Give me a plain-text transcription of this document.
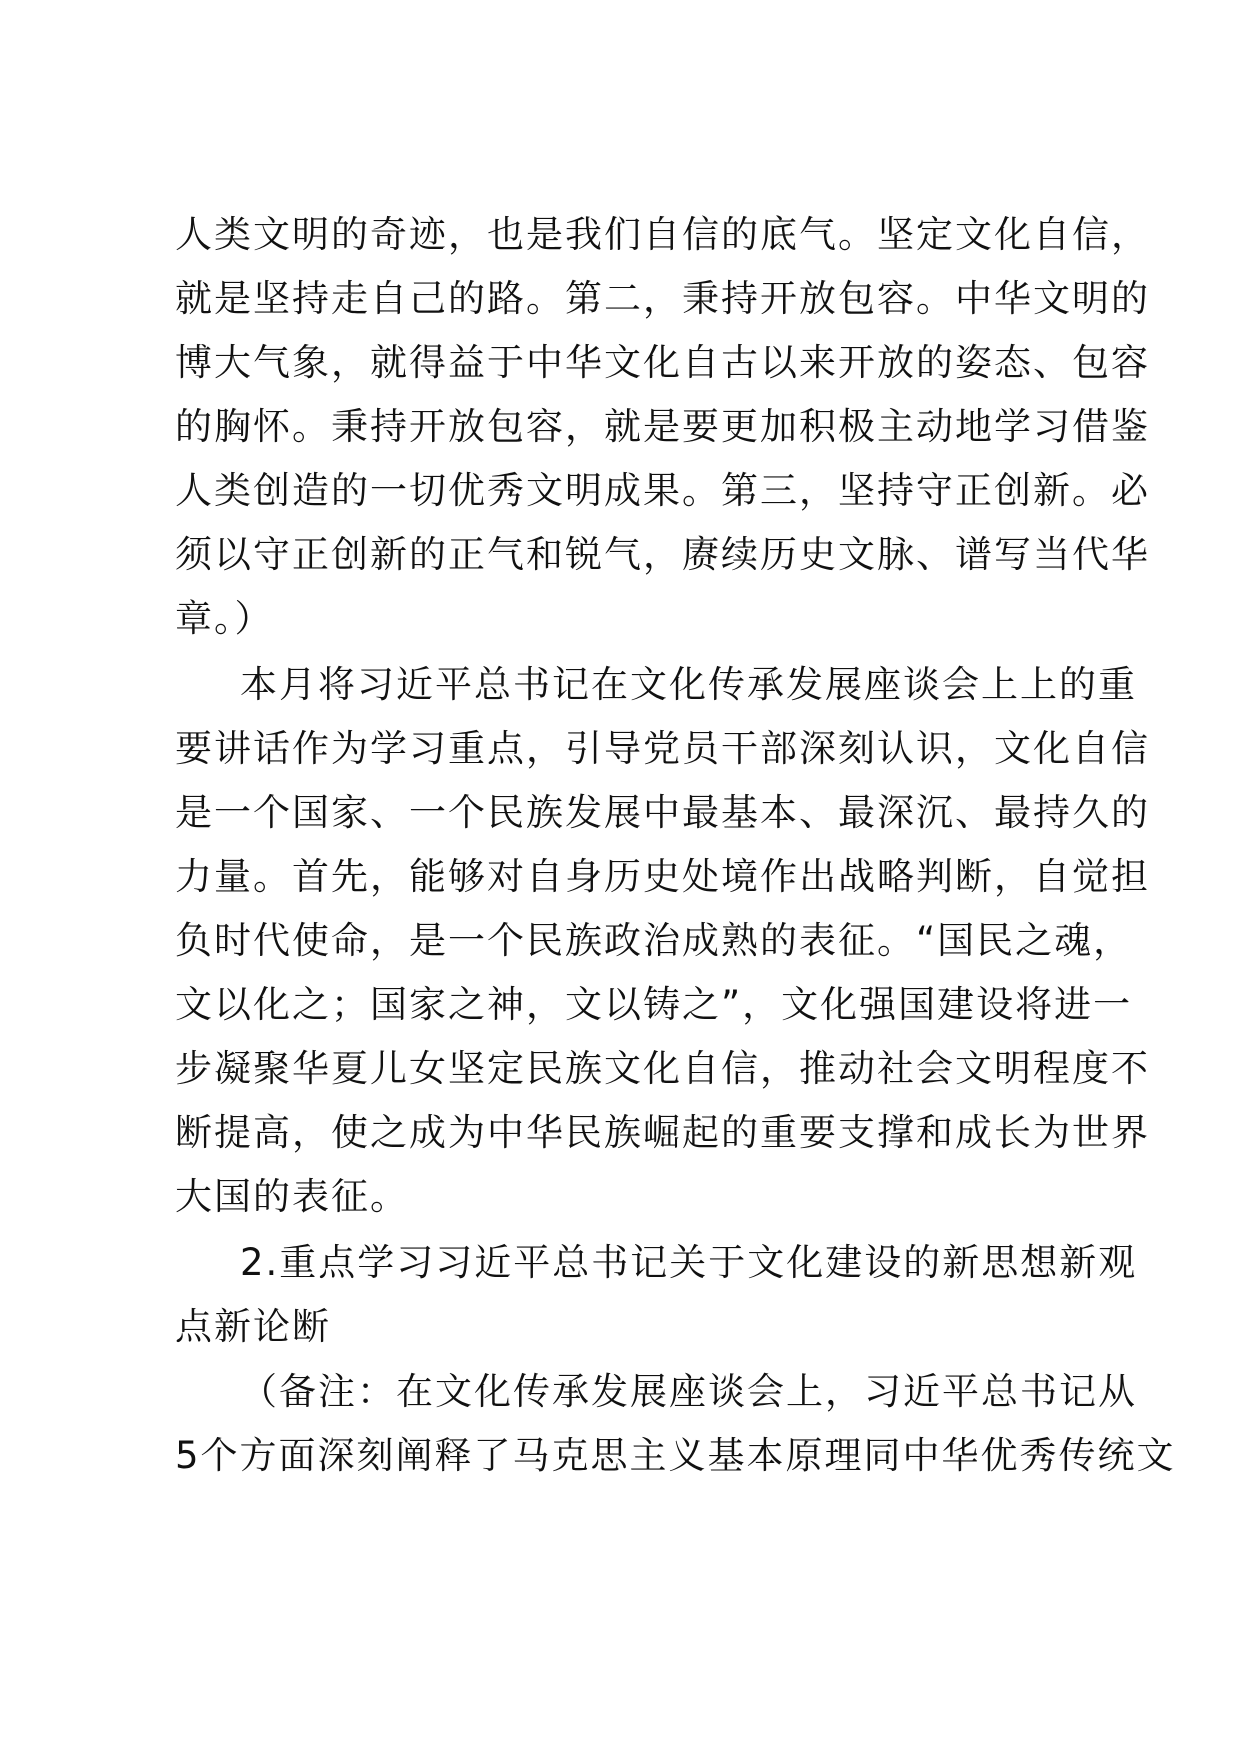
人类文明的奇迹，也是我们自信的底气。坚定文化自信，
就是坚持走自己的路。第二，秉持开放包容。中华文明的
博大气象，就得益于中华文化自古以来开放的姿态、包容
的胸怀。秉持开放包容，就是要更加积极主动地学习借鉴
人类创造的一切优秀文明成果。第三，坚持守正创新。必
须以守正创新的正气和锐气，赓续历史文脉、谱写当代华
章。）
本月将习近平总书记在文化传承发展座谈会上上的重
要讲话作为学习重点，引导党员干部深刻认识，文化自信
是一个国家、一个民族发展中最基本、最深沉、最持久的
力量。首先，能够对自身历史处境作出战略判断，自觉担
负时代使命，是一个民族政治成熟的表征。“国民之魂，
文以化之；国家之神，文以铸之”，文化强国建设将进一
步凝聚华夏儿女坚定民族文化自信，推动社会文明程度不
断提高，使之成为中华民族崛起的重要支撑和成长为世界
大国的表征。
2.重点学习习近平总书记关于文化建设的新思想新观
点新论断
（备注：在文化传承发展座谈会上，习近平总书记从
5个方面深刻阐释了马克思主义基本原理同中华优秀传统文
